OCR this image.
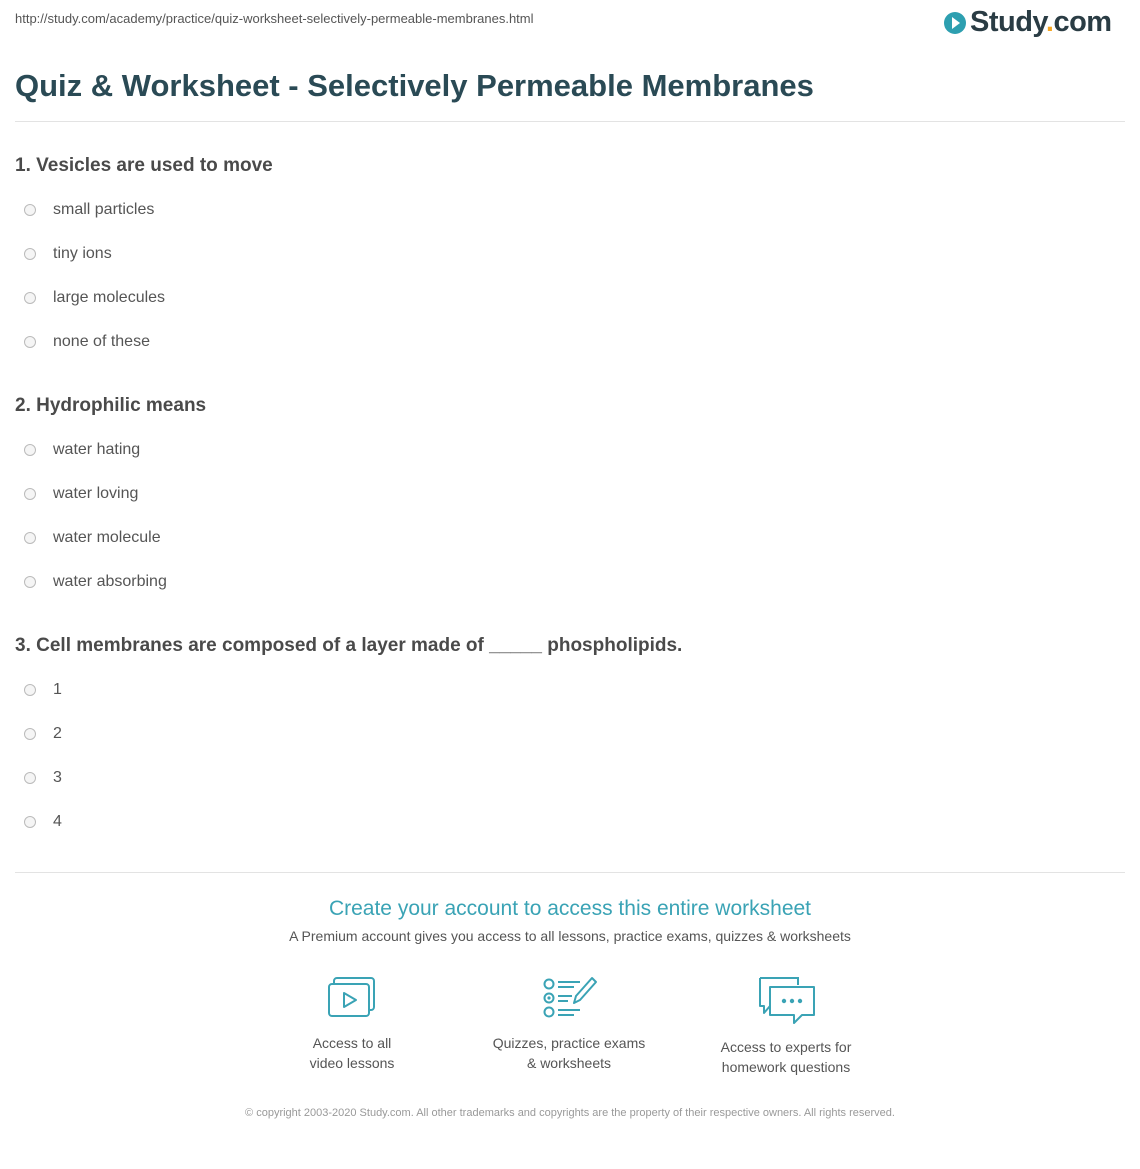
http://study.com/academy/practice/quiz-worksheet-selectively-permeable-membranes.html	Study.com
Quiz & Worksheet - Selectively Permeable Membranes

1. Vesicles are used to move

small particles
tiny ions
large molecules
none of these

2. Hydrophilic means

water hating
water loving
water molecule
water absorbing

3. Cell membranes are composed of a layer made of _____ phospholipids.

1
2
3
4
Create your account to access this entire worksheet
A Premium account gives you access to all lessons, practice exams, quizzes & worksheets
Access to all
video lessons
Quizzes, practice exams
& worksheets
Access to experts for
homework questions
© copyright 2003-2020 Study.com. All other trademarks and copyrights are the property of their respective owners. All rights reserved.
